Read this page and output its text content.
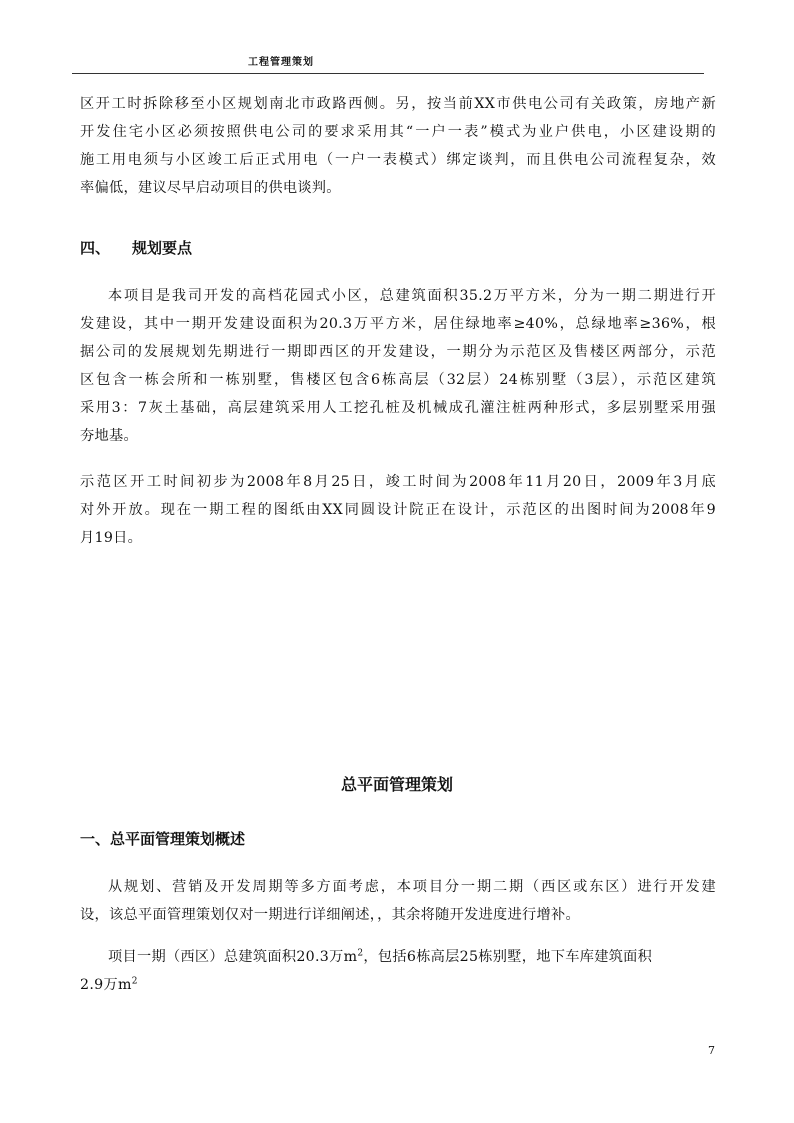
工程管理策划
区开工时拆除移至小区规划南北市政路西侧。另，按当前XX市供电公司有关政策，房地产新
开发住宅小区必须按照供电公司的要求采用其“一户一表”模式为业户供电，小区建设期的
施工用电须与小区竣工后正式用电（一户一表模式）绑定谈判，而且供电公司流程复杂，效
率偏低，建议尽早启动项目的供电谈判。
四、 规划要点
本项目是我司开发的高档花园式小区，总建筑面积35.2万平方米，分为一期二期进行开
发建设，其中一期开发建设面积为20.3万平方米，居住绿地率≥40%，总绿地率≥36%，根
据公司的发展规划先期进行一期即西区的开发建设，一期分为示范区及售楼区两部分，示范
区包含一栋会所和一栋别墅，售楼区包含6栋高层（32层）24栋别墅（3层），示范区建筑
采用3：7灰土基础，高层建筑采用人工挖孔桩及机械成孔灌注桩两种形式，多层别墅采用强
夯地基。
示范区开工时间初步为2008年8月25日，竣工时间为2008年11月20日，2009年3月底
对外开放。现在一期工程的图纸由XX同圆设计院正在设计，示范区的出图时间为2008年9
月19日。
总平面管理策划
一、总平面管理策划概述
从规划、营销及开发周期等多方面考虑，本项目分一期二期（西区或东区）进行开发建
设，该总平面管理策划仅对一期进行详细阐述，，其余将随开发进度进行增补。
项目一期（西区）总建筑面积20.3万$m^2$，包括6栋高层25栋别墅，地下车库建筑面积
2.9万$m^2$
7
